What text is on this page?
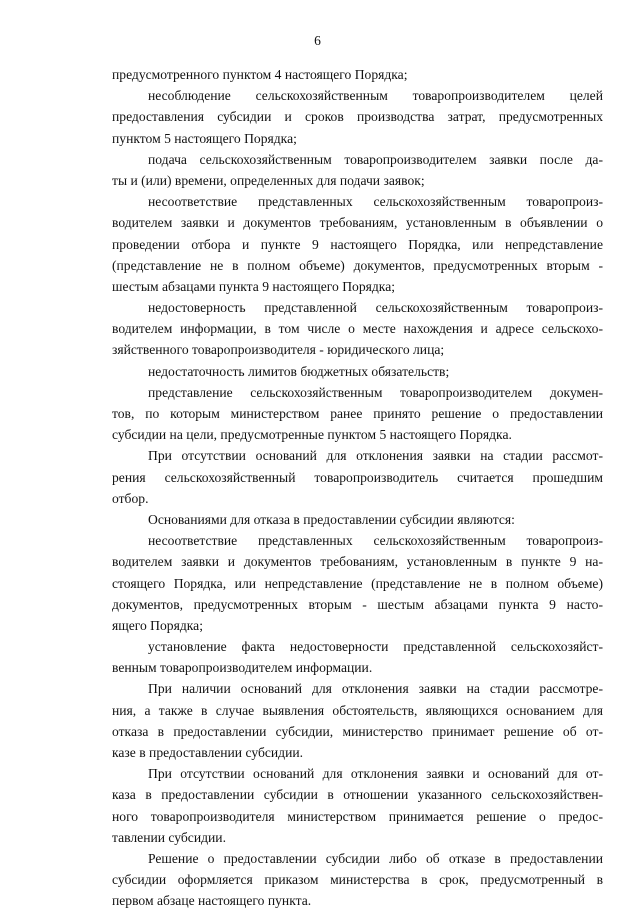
6
предусмотренного пунктом 4 настоящего Порядка;
несоблюдение сельскохозяйственным товаропроизводителем целей
предоставления субсидии и сроков производства затрат, предусмотренных
пунктом 5 настоящего Порядка;
подача сельскохозяйственным товаропроизводителем заявки после да-
ты и (или) времени, определенных для подачи заявок;
несоответствие представленных сельскохозяйственным товаропроиз-
водителем заявки и документов требованиям, установленным в объявлении о
проведении отбора и пункте 9 настоящего Порядка, или непредставление
(представление не в полном объеме) документов, предусмотренных вторым -
шестым абзацами пункта 9 настоящего Порядка;
недостоверность представленной сельскохозяйственным товаропроиз-
водителем информации, в том числе о месте нахождения и адресе сельскохо-
зяйственного товаропроизводителя - юридического лица;
недостаточность лимитов бюджетных обязательств;
представление сельскохозяйственным товаропроизводителем докумен-
тов, по которым министерством ранее принято решение о предоставлении
субсидии на цели, предусмотренные пунктом 5 настоящего Порядка.
При отсутствии оснований для отклонения заявки на стадии рассмот-
рения сельскохозяйственный товаропроизводитель считается прошедшим
отбор.
Основаниями для отказа в предоставлении субсидии являются:
несоответствие представленных сельскохозяйственным товаропроиз-
водителем заявки и документов требованиям, установленным в пункте 9 на-
стоящего Порядка, или непредставление (представление не в полном объеме)
документов, предусмотренных вторым - шестым абзацами пункта 9 насто-
ящего Порядка;
установление факта недостоверности представленной сельскохозяйст-
венным товаропроизводителем информации.
При наличии оснований для отклонения заявки на стадии рассмотре-
ния, а также в случае выявления обстоятельств, являющихся основанием для
отказа в предоставлении субсидии, министерство принимает решение об от-
казе в предоставлении субсидии.
При отсутствии оснований для отклонения заявки и оснований для от-
каза в предоставлении субсидии в отношении указанного сельскохозяйствен-
ного товаропроизводителя министерством принимается решение о предос-
тавлении субсидии.
Решение о предоставлении субсидии либо об отказе в предоставлении
субсидии оформляется приказом министерства в срок, предусмотренный в
первом абзаце настоящего пункта.
